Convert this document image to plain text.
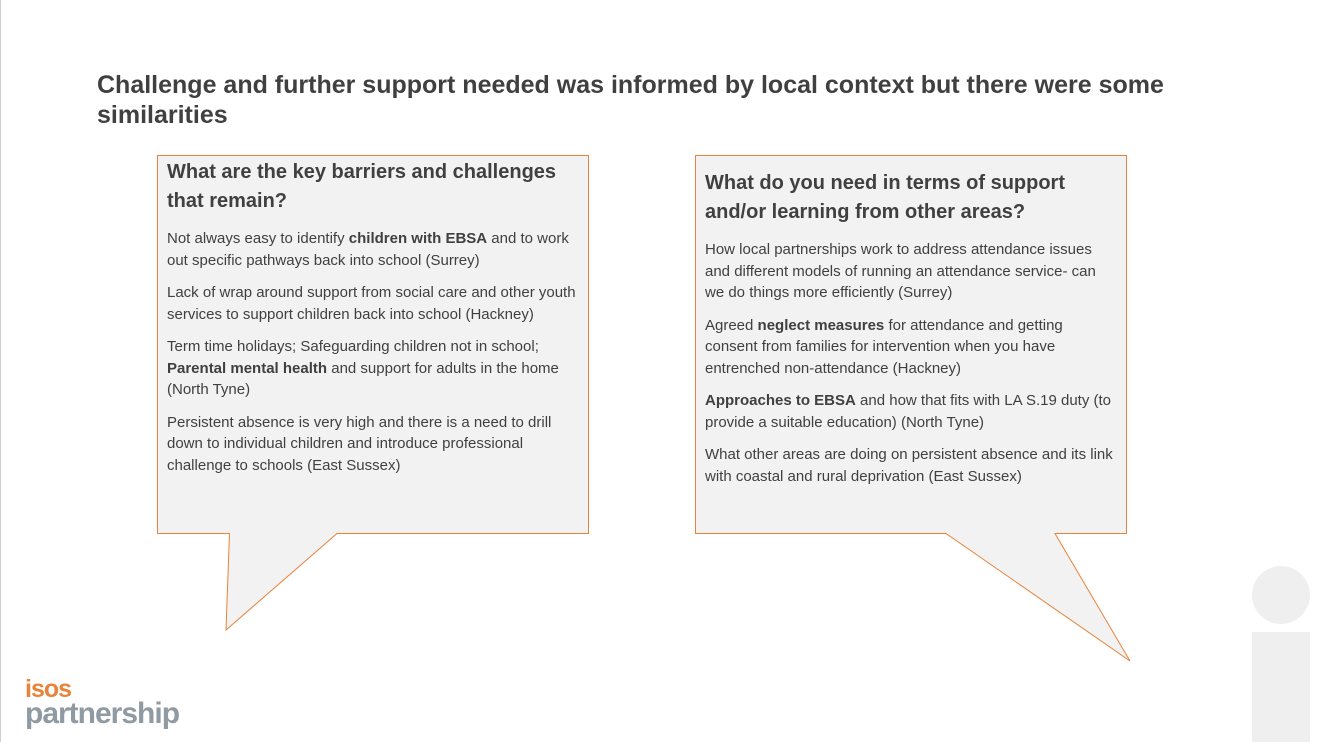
Challenge and further support needed was informed by local context but there were some similarities
What are the key barriers and challenges that remain?

Not always easy to identify children with EBSA and to work out specific pathways back into school (Surrey)

Lack of wrap around support from social care and other youth services to support children back into school (Hackney)

Term time holidays; Safeguarding children not in school; Parental mental health and support for adults in the home (North Tyne)

Persistent absence is very high and there is a need to drill down to individual children and introduce professional challenge to schools (East Sussex)

What do you need in terms of support and/or learning from other areas?

How local partnerships work to address attendance issues and different models of running an attendance service- can we do things more efficiently (Surrey)

Agreed neglect measures for attendance and getting consent from families for intervention when you have entrenched non-attendance (Hackney)

Approaches to EBSA and how that fits with LA S.19 duty (to provide a suitable education) (North Tyne)

What other areas are doing on persistent absence and its link with coastal and rural deprivation (East Sussex)

isos
partnership
